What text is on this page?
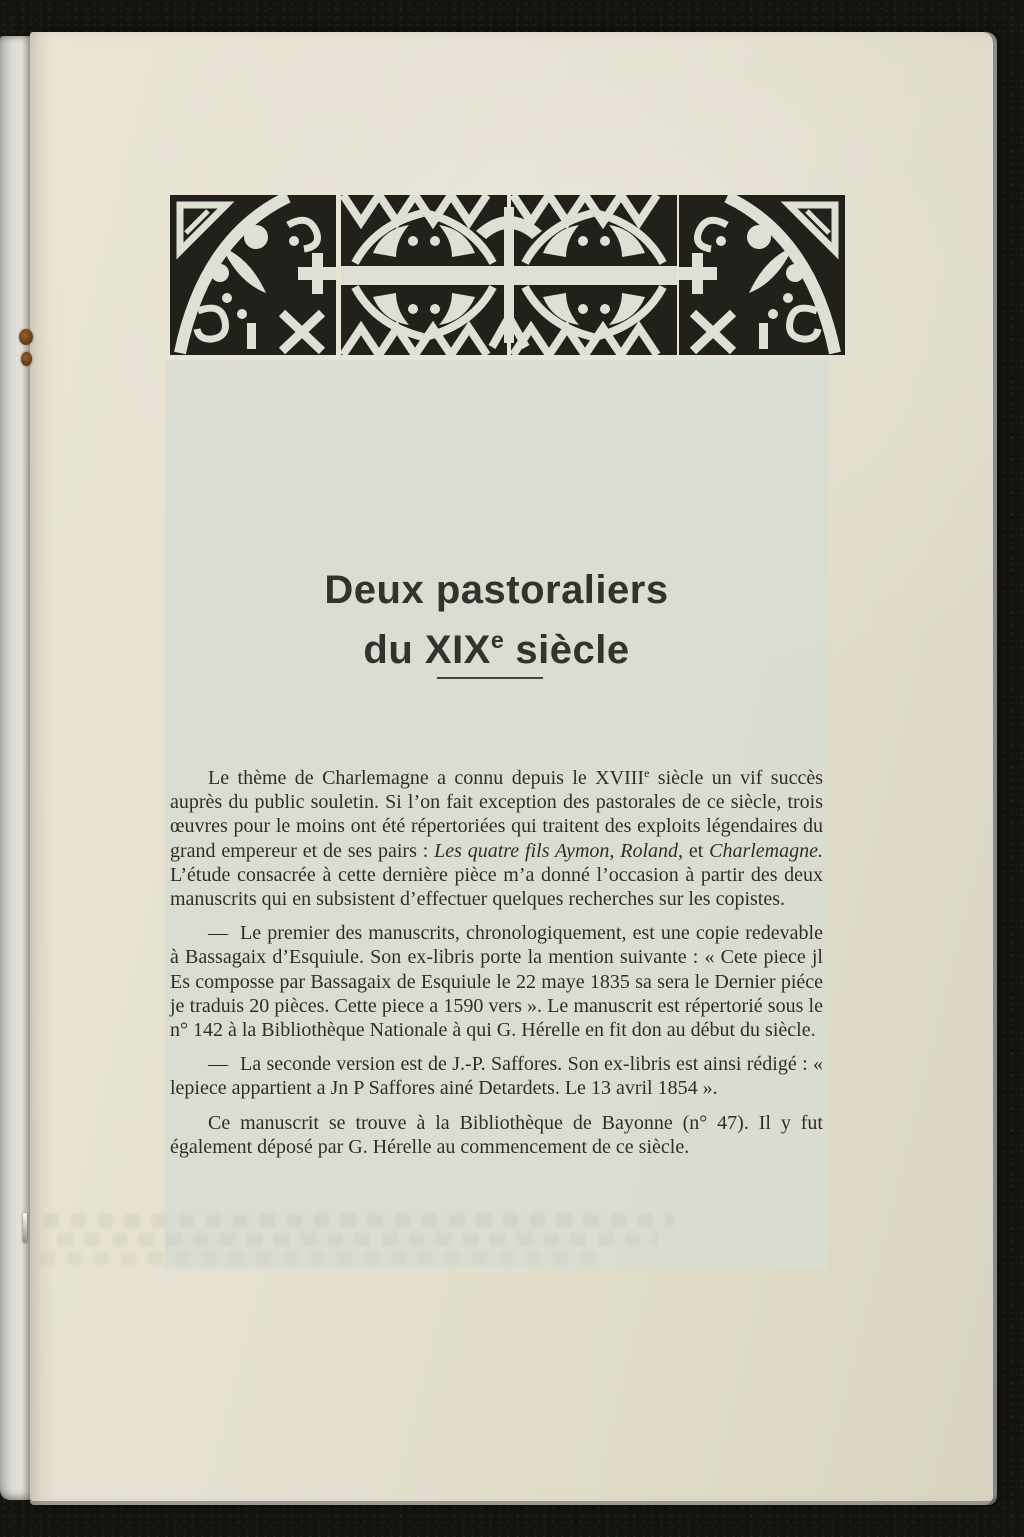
Deux pastoraliers
du XIXe siècle

Le thème de Charlemagne a connu depuis le XVIIIe siècle un vif succès auprès du public souletin. Si l’on fait exception des pastorales de ce siècle, trois œuvres pour le moins ont été répertoriées qui traitent des exploits légendaires du grand empereur et de ses pairs : Les quatre fils Aymon, Roland, et Charlemagne. L’étude consacrée à cette dernière pièce m’a donné l’occasion à partir des deux manuscrits qui en subsistent d’effectuer quelques recherches sur les copistes.

— Le premier des manuscrits, chronologiquement, est une copie redevable à Bassagaix d’Esquiule. Son ex-libris porte la mention suivante : « Cete piece jl Es composse par Bassagaix de Esquiule le 22 maye 1835 sa sera le Dernier piéce je traduis 20 pièces. Cette piece a 1590 vers ». Le manuscrit est répertorié sous le n° 142 à la Bibliothèque Nationale à qui G. Hérelle en fit don au début du siècle.

— La seconde version est de J.-P. Saffores. Son ex-libris est ainsi rédigé : « lepiece appartient a Jn P Saffores ainé Detardets. Le 13 avril 1854 ».

Ce manuscrit se trouve à la Bibliothèque de Bayonne (n° 47). Il y fut également déposé par G. Hérelle au commencement de ce siècle.
